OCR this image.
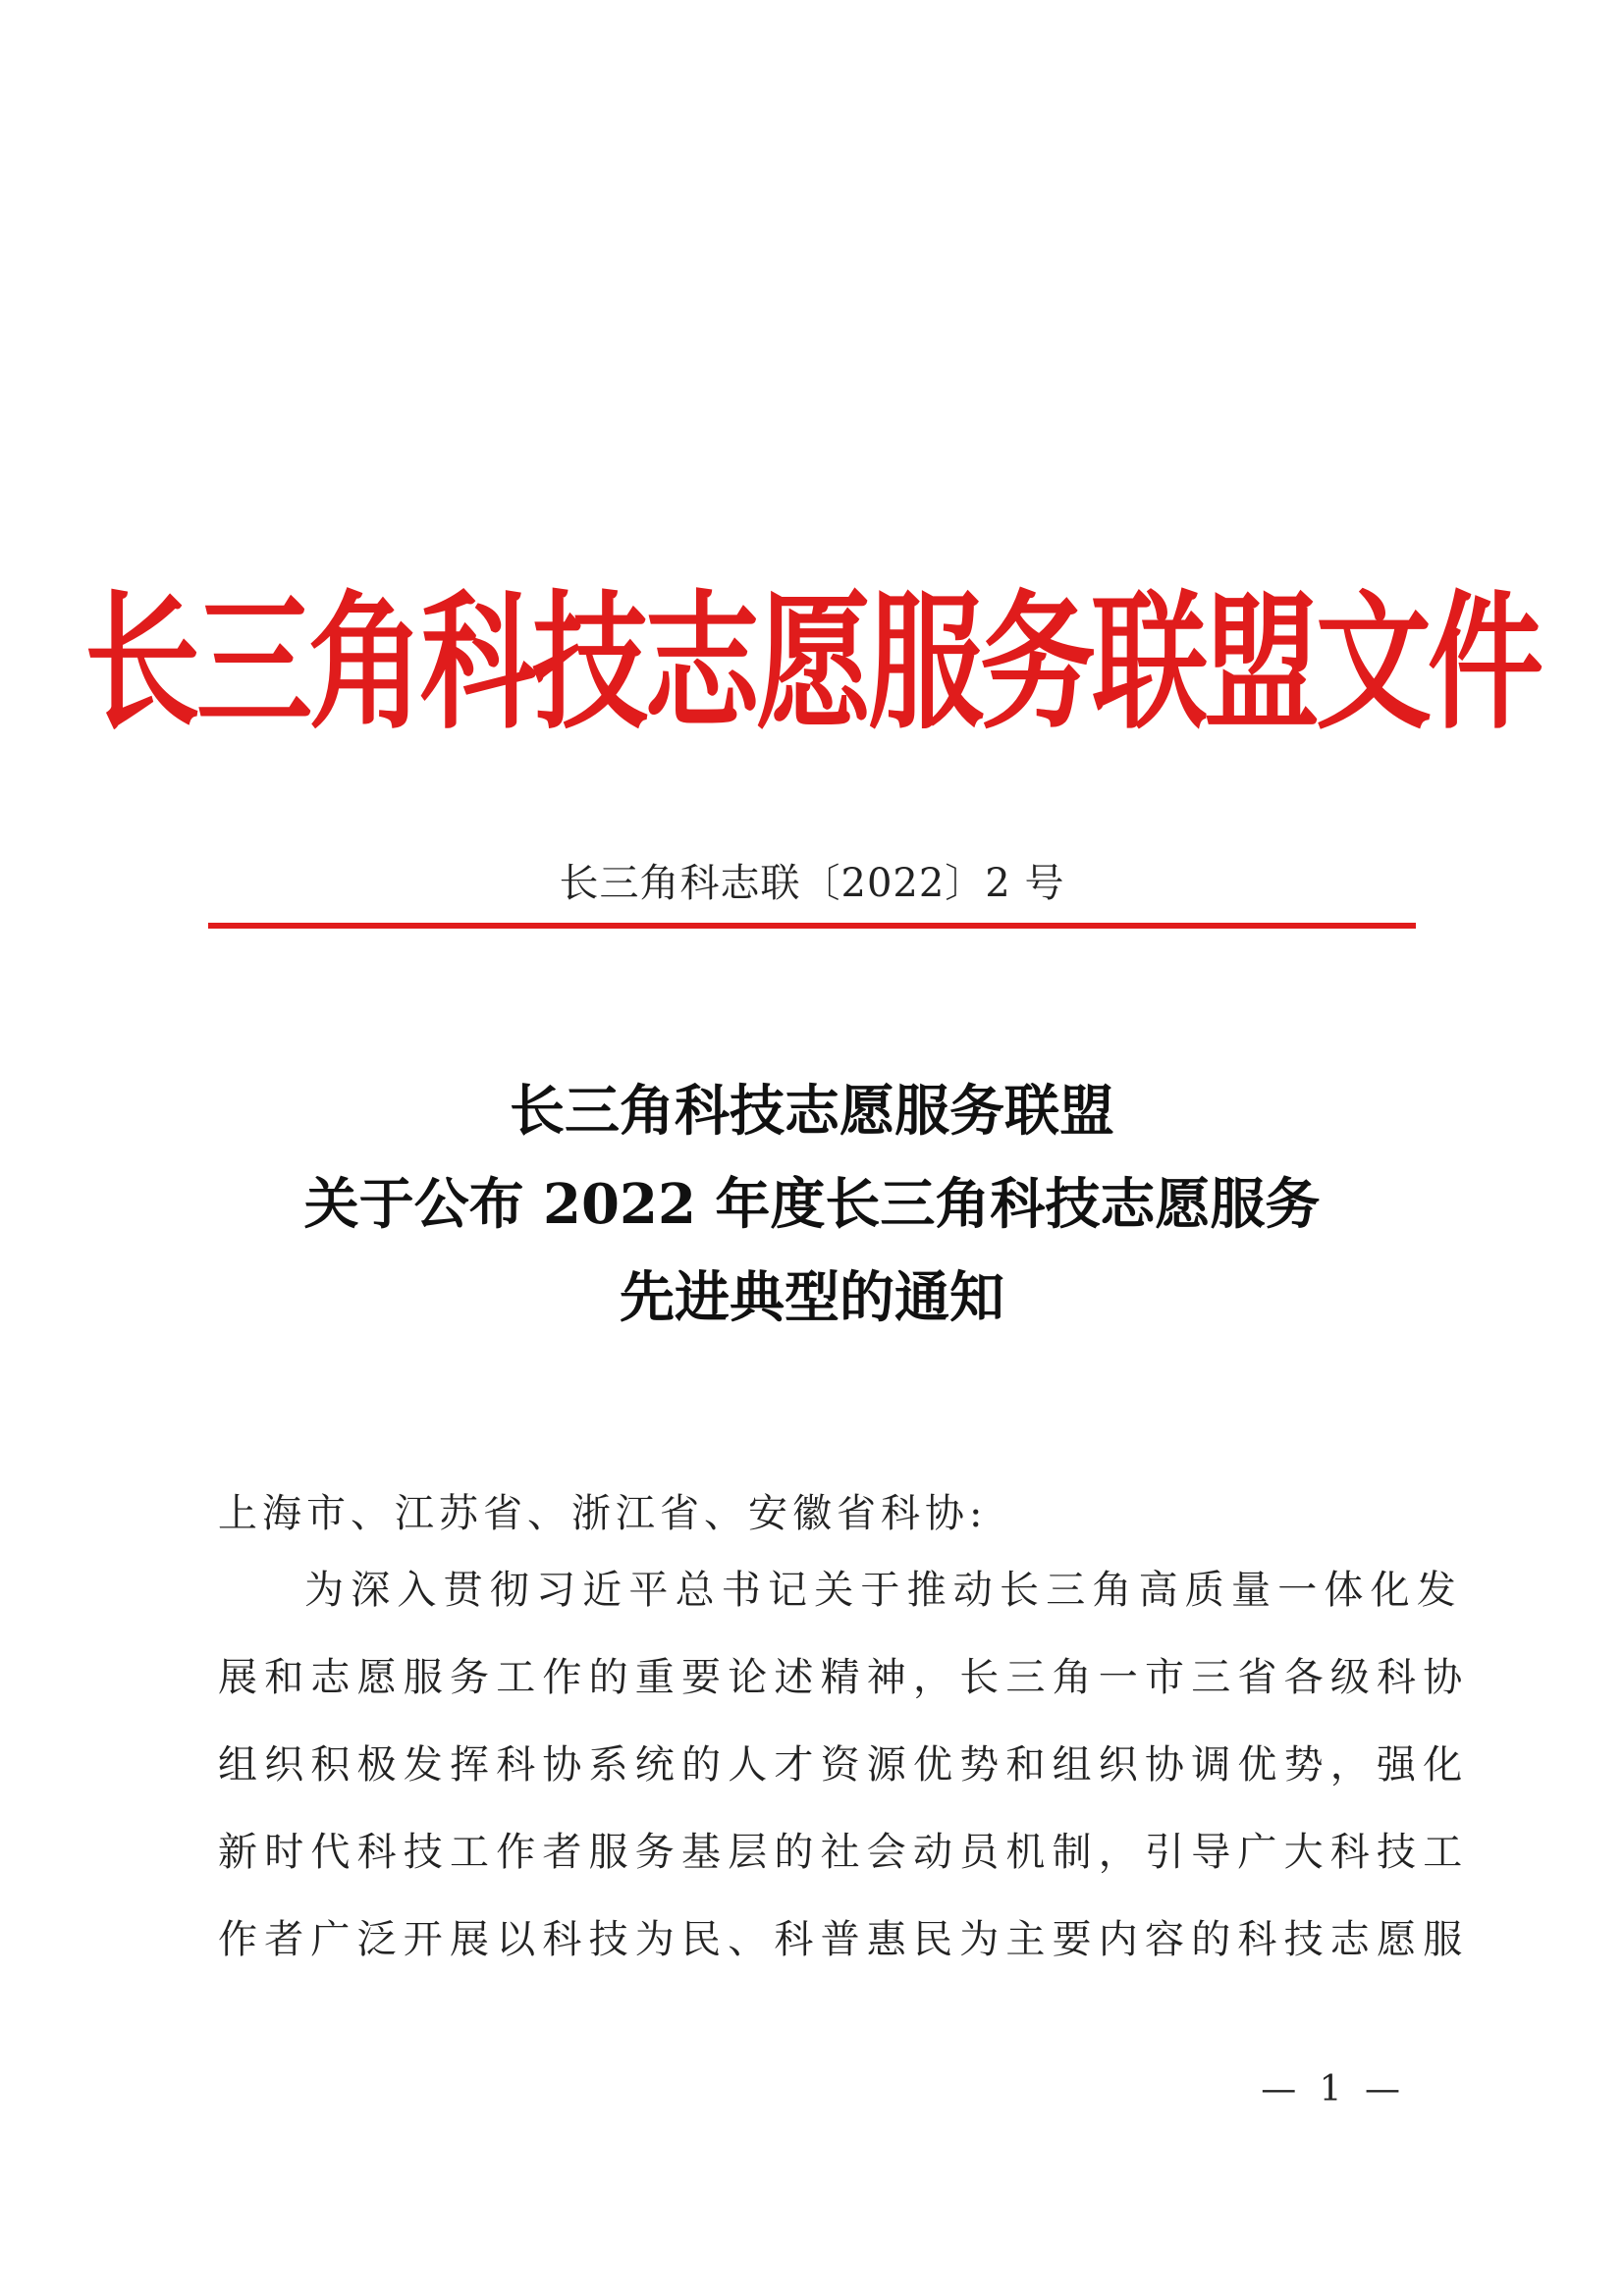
长三角科技志愿服务联盟文件
长三角科志联〔2022〕2 号
长三角科技志愿服务联盟
关于公布 2022 年度长三角科技志愿服务
先进典型的通知
上海市、江苏省、浙江省、安徽省科协:
为深入贯彻习近平总书记关于推动长三角高质量一体化发
展和志愿服务工作的重要论述精神，长三角一市三省各级科协
组织积极发挥科协系统的人才资源优势和组织协调优势，强化
新时代科技工作者服务基层的社会动员机制，引导广大科技工
作者广泛开展以科技为民、科普惠民为主要内容的科技志愿服
— 1 —
